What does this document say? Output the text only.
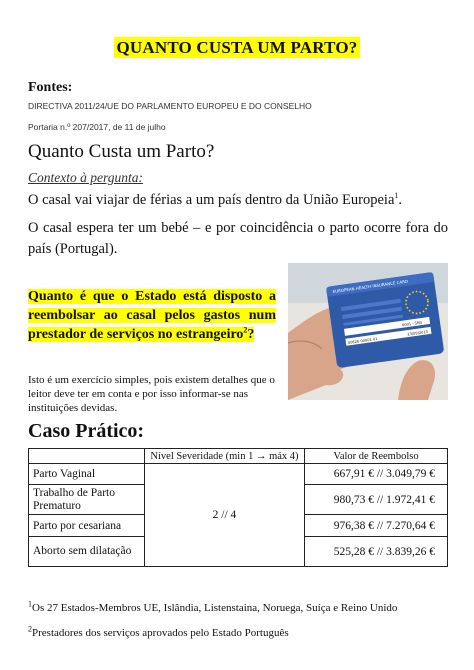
QUANTO CUSTA UM PARTO?
Fontes:
DIRECTIVA 2011/24/UE DO PARLAMENTO EUROPEU E DO CONSELHO
Portaria n.º 207/2017, de 11 de julho
Quanto Custa um Parto?
Contexto à pergunta:
O casal vai viajar de férias a um país dentro da União Europeia$^1$.
O casal espera ter um bebé – e por coincidência o parto ocorre fora do país (Portugal).
Quanto é que o Estado está disposto a reembolsar ao casal pelos gastos num prestador de serviços no estrangeiro$^2$?
Isto é um exercício simples, pois existem detalhes que o leitor deve ter em conta e por isso informar-se nas instituições devidas.
EUROPEAN HEALTH INSURANCE CARD
0001 - SNS
00626 00001 01
23/09/2013
Caso Prático:
	Nível Severidade (min 1 → máx 4)	Valor de Reembolso
Parto Vaginal	2 // 4	667,91 € // 3.049,79 €
Trabalho de Parto Prematuro		980,73 € // 1.972,41 €
Parto por cesariana		976,38 € // 7.270,64 €
Aborto sem dilatação		525,28 € // 3.839,26 €
$^1$Os 27 Estados-Membros UE, Islândia, Listenstaina, Noruega, Suíça e Reino Unido
$^2$Prestadores dos serviços aprovados pelo Estado Português
